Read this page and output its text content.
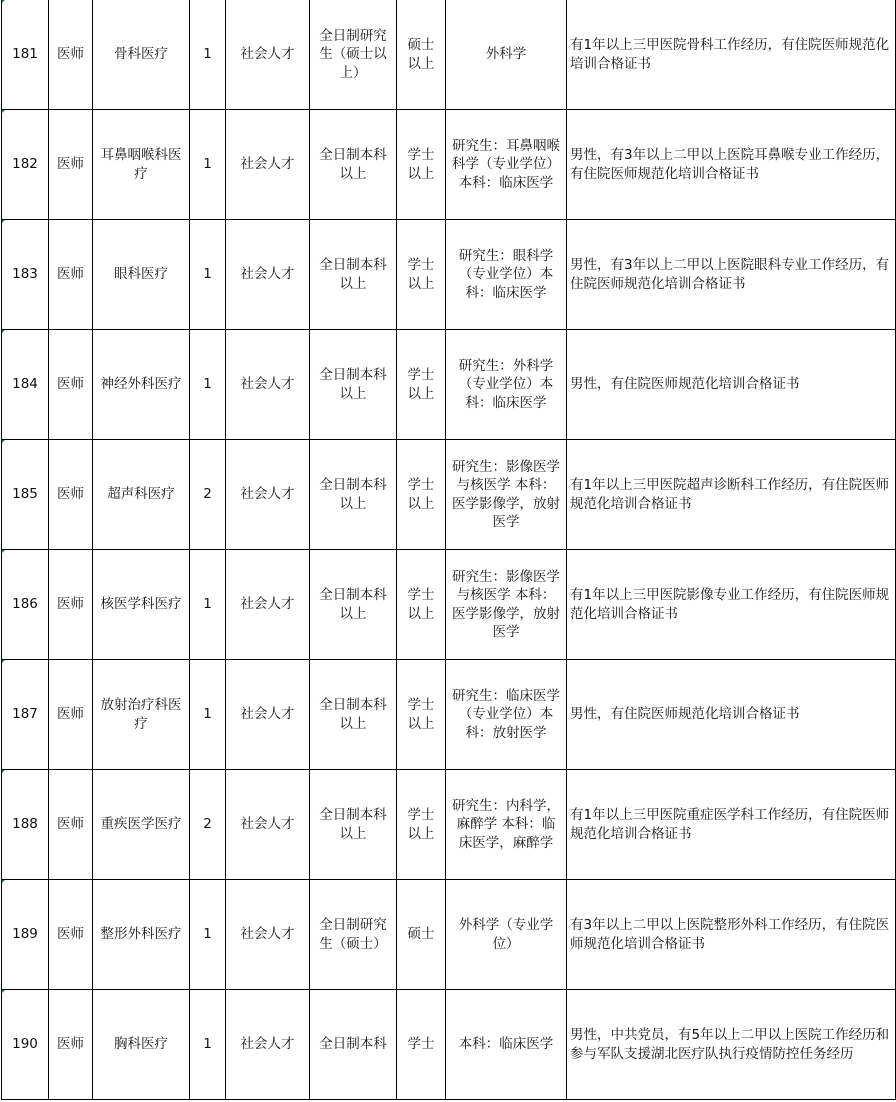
181	医师	骨科医疗	1	社会人才	全日制研究生（硕士以上）	硕士以上	外科学	有1年以上三甲医院骨科工作经历，有住院医师规范化培训合格证书
182	医师	耳鼻咽喉科医疗	1	社会人才	全日制本科以上	学士以上	研究生：耳鼻咽喉科学（专业学位）本科：临床医学	男性，有3年以上二甲以上医院耳鼻喉专业工作经历，有住院医师规范化培训合格证书
183	医师	眼科医疗	1	社会人才	全日制本科以上	学士以上	研究生：眼科学（专业学位）本科：临床医学	男性，有3年以上二甲以上医院眼科专业工作经历，有住院医师规范化培训合格证书
184	医师	神经外科医疗	1	社会人才	全日制本科以上	学士以上	研究生：外科学（专业学位）本科：临床医学	男性，有住院医师规范化培训合格证书
185	医师	超声科医疗	2	社会人才	全日制本科以上	学士以上	研究生：影像医学与核医学 本科：医学影像学，放射医学	有1年以上三甲医院超声诊断科工作经历，有住院医师规范化培训合格证书
186	医师	核医学科医疗	1	社会人才	全日制本科以上	学士以上	研究生：影像医学与核医学 本科：医学影像学，放射医学	有1年以上三甲医院影像专业工作经历，有住院医师规范化培训合格证书
187	医师	放射治疗科医疗	1	社会人才	全日制本科以上	学士以上	研究生：临床医学（专业学位）本科：放射医学	男性，有住院医师规范化培训合格证书
188	医师	重疾医学医疗	2	社会人才	全日制本科以上	学士以上	研究生：内科学，麻醉学 本科：临床医学，麻醉学	有1年以上三甲医院重症医学科工作经历，有住院医师规范化培训合格证书
189	医师	整形外科医疗	1	社会人才	全日制研究生（硕士）	硕士	外科学（专业学位）	有3年以上二甲以上医院整形外科工作经历，有住院医师规范化培训合格证书
190	医师	胸科医疗	1	社会人才	全日制本科	学士	本科：临床医学	男性，中共党员，有5年以上二甲以上医院工作经历和参与军队支援湖北医疗队执行疫情防控任务经历
